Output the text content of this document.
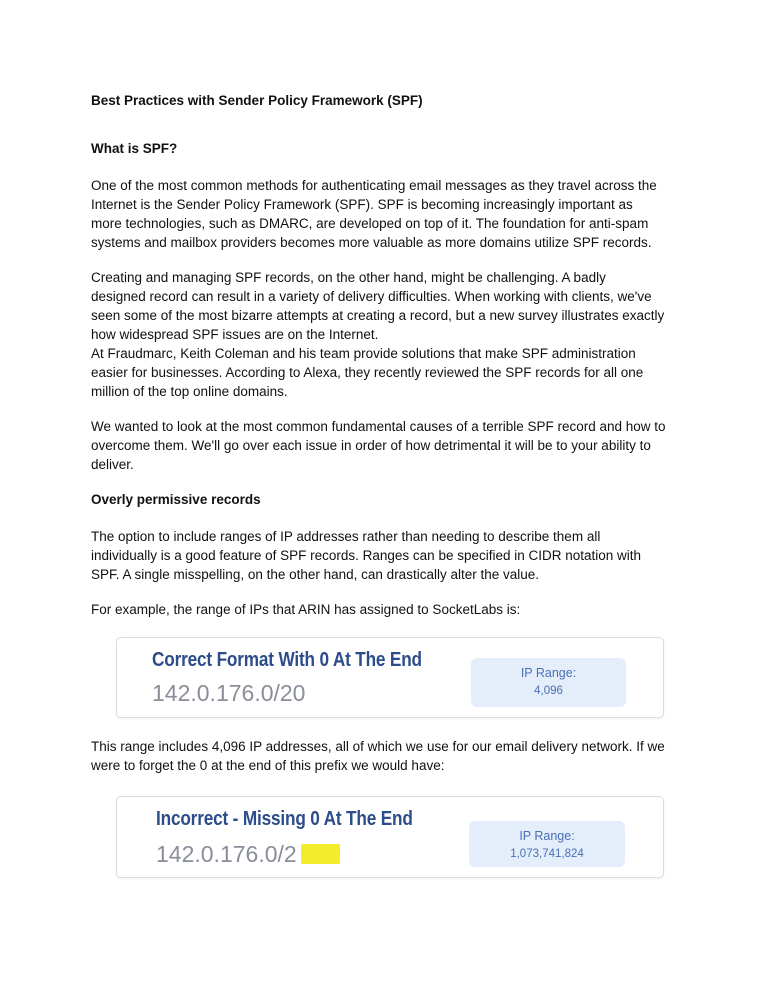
Best Practices with Sender Policy Framework (SPF)

What is SPF?

One of the most common methods for authenticating email messages as they travel across the

Internet is the Sender Policy Framework (SPF). SPF is becoming increasingly important as

more technologies, such as DMARC, are developed on top of it. The foundation for anti-spam

systems and mailbox providers becomes more valuable as more domains utilize SPF records.

Creating and managing SPF records, on the other hand, might be challenging. A badly

designed record can result in a variety of delivery difficulties. When working with clients, we've

seen some of the most bizarre attempts at creating a record, but a new survey illustrates exactly

how widespread SPF issues are on the Internet.

At Fraudmarc, Keith Coleman and his team provide solutions that make SPF administration

easier for businesses. According to Alexa, they recently reviewed the SPF records for all one

million of the top online domains.

We wanted to look at the most common fundamental causes of a terrible SPF record and how to

overcome them. We'll go over each issue in order of how detrimental it will be to your ability to

deliver.

Overly permissive records

The option to include ranges of IP addresses rather than needing to describe them all

individually is a good feature of SPF records. Ranges can be specified in CIDR notation with

SPF. A single misspelling, on the other hand, can drastically alter the value.

For example, the range of IPs that ARIN has assigned to SocketLabs is:

This range includes 4,096 IP addresses, all of which we use for our email delivery network. If we

were to forget the 0 at the end of this prefix we would have:

Correct Format With 0 At The End
142.0.176.0/20
IP Range:
4,096
Incorrect - Missing 0 At The End
142.0.176.0/2
IP Range:
1,073,741,824
